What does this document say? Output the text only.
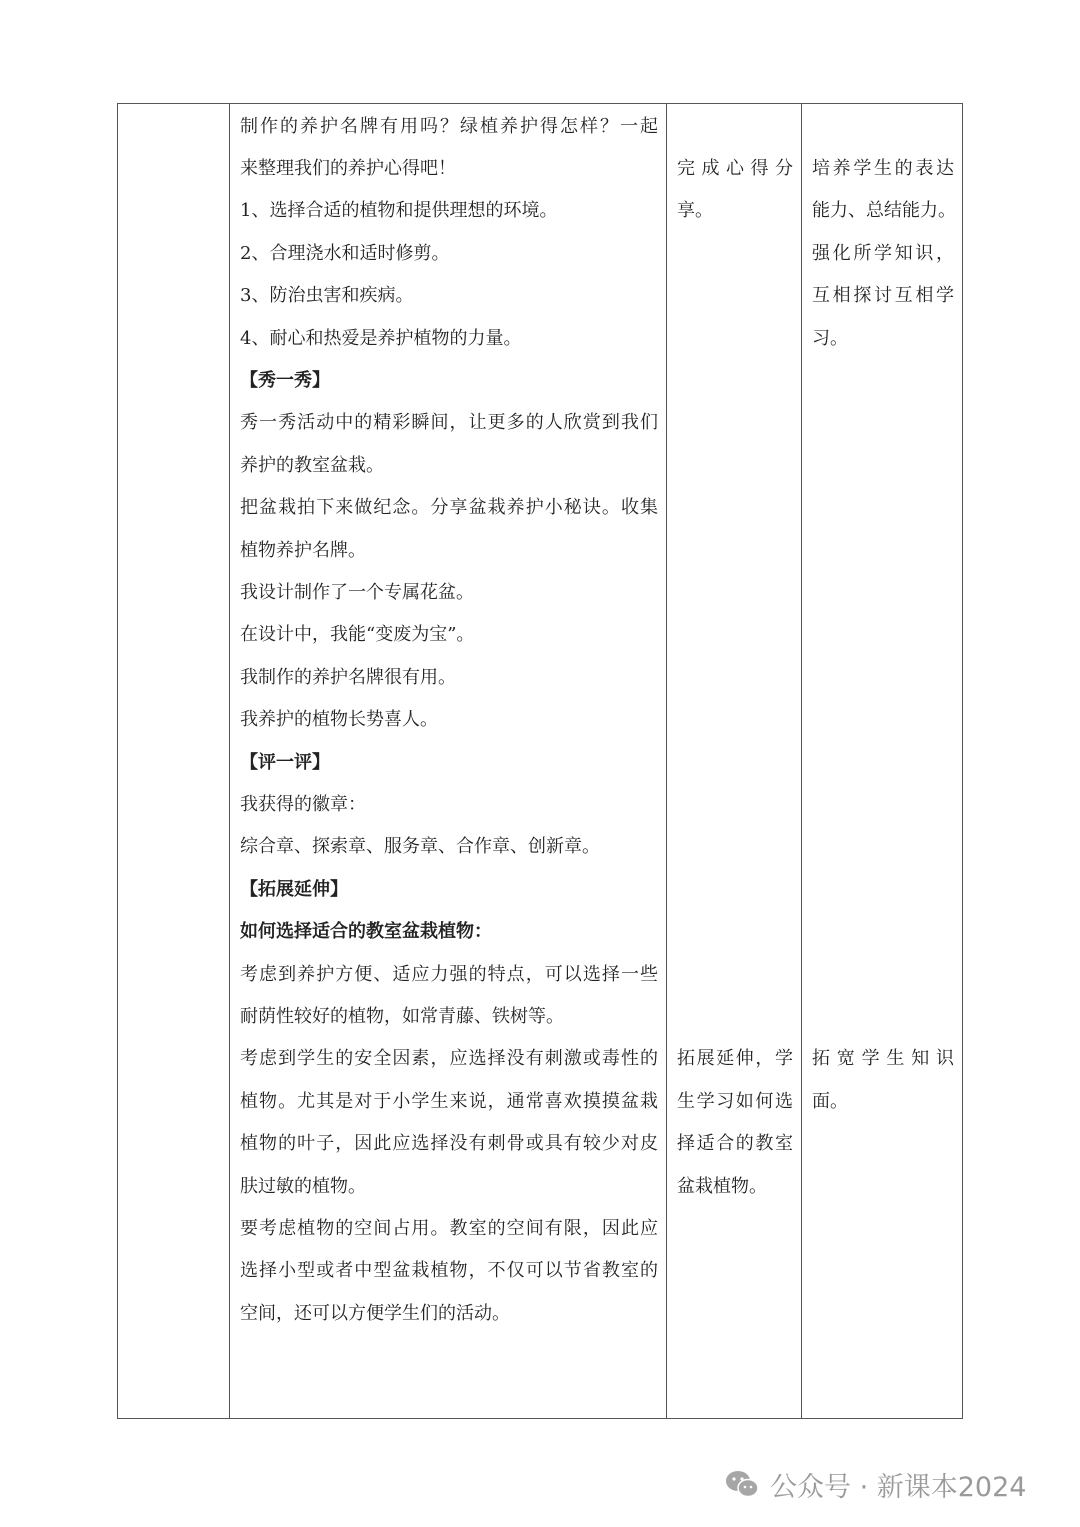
制作的养护名牌有用吗？绿植养护得怎样？一起
来整理我们的养护心得吧！
1、选择合适的植物和提供理想的环境。
2、合理浇水和适时修剪。
3、防治虫害和疾病。
4、耐心和热爱是养护植物的力量。
【秀一秀】
秀一秀活动中的精彩瞬间，让更多的人欣赏到我们
养护的教室盆栽。
把盆栽拍下来做纪念。分享盆栽养护小秘诀。收集
植物养护名牌。
我设计制作了一个专属花盆。
在设计中，我能“变废为宝”。
我制作的养护名牌很有用。
我养护的植物长势喜人。
【评一评】
我获得的徽章：
综合章、探索章、服务章、合作章、创新章。
【拓展延伸】
如何选择适合的教室盆栽植物：
考虑到养护方便、适应力强的特点，可以选择一些
耐荫性较好的植物，如常青藤、铁树等。
考虑到学生的安全因素，应选择没有刺激或毒性的
植物。尤其是对于小学生来说，通常喜欢摸摸盆栽
植物的叶子，因此应选择没有刺骨或具有较少对皮
肤过敏的植物。
要考虑植物的空间占用。教室的空间有限，因此应
选择小型或者中型盆栽植物，不仅可以节省教室的
空间，还可以方便学生们的活动。
完成心得分
享。
拓展延伸，学
生学习如何选
择适合的教室
盆栽植物。
培养学生的表达
能力、总结能力。
强化所学知识，
互相探讨互相学
习。
拓宽学生知识
面。
公众号 · 新课本2024
